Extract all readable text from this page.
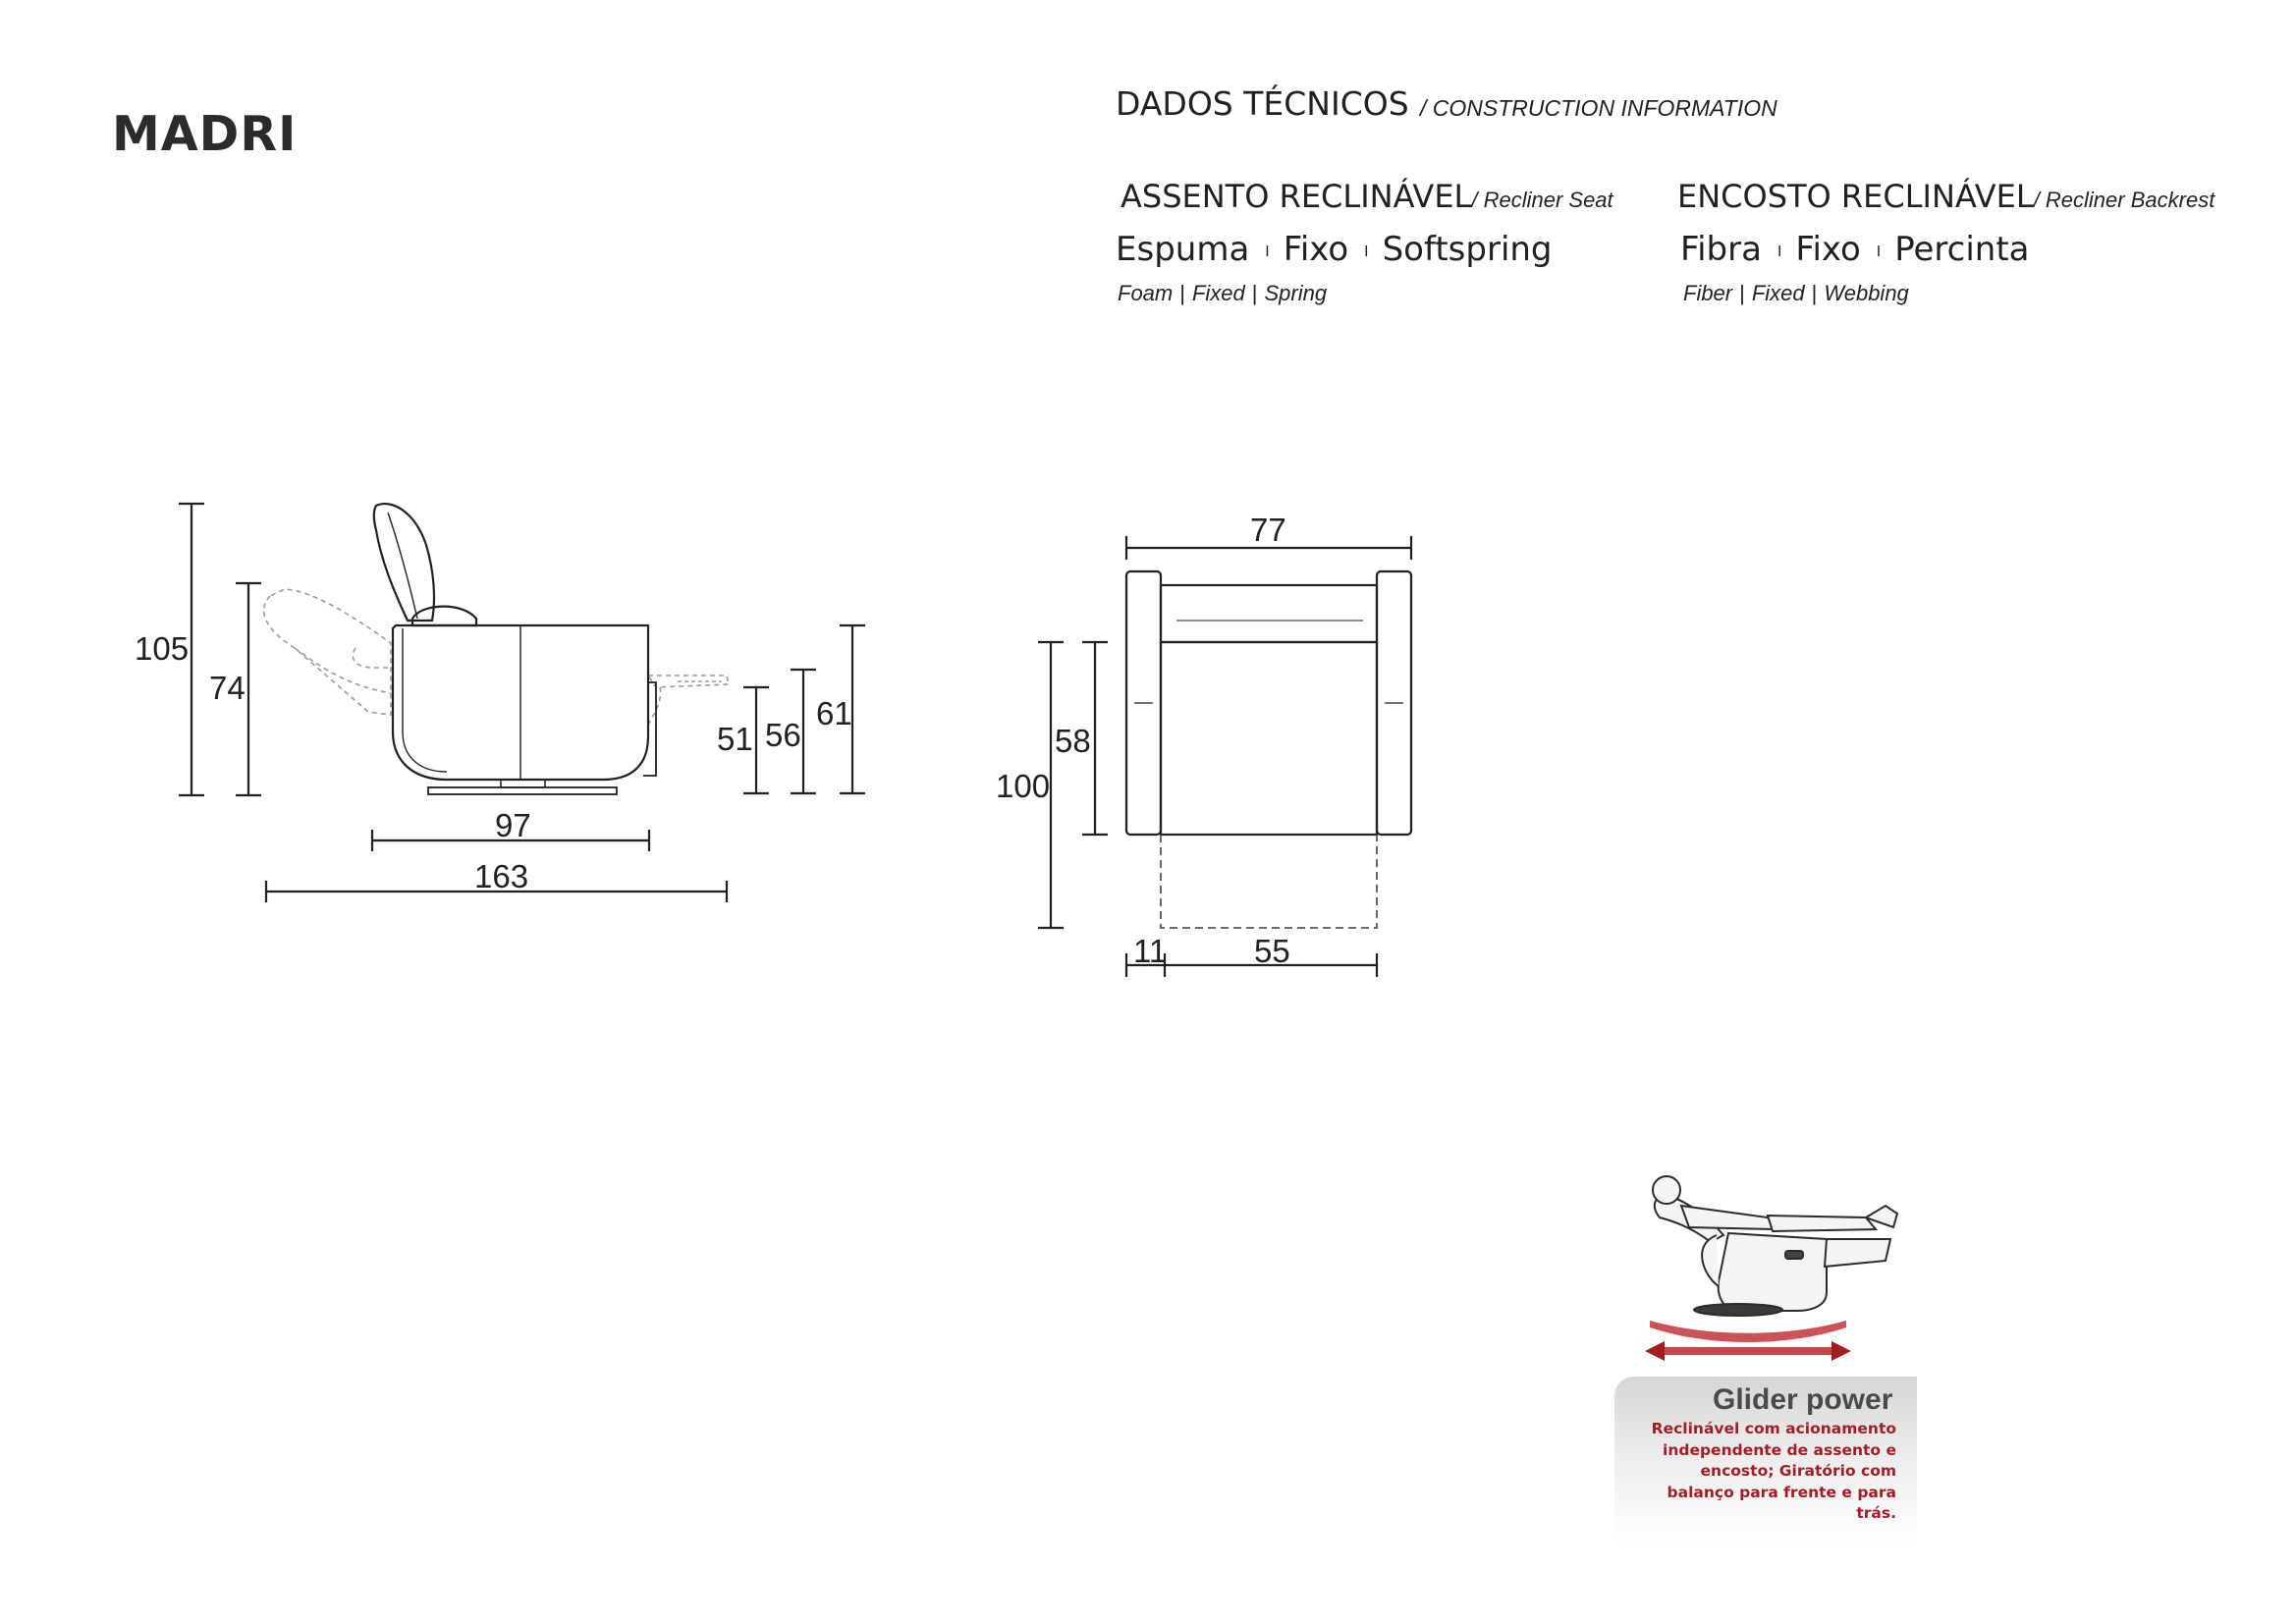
MADRI
DADOS TÉCNICOS / CONSTRUCTION INFORMATION
ASSENTO RECLINÁVEL/ Recliner Seat
Espuma I Fixo I Softspring
Foam | Fixed | Spring
ENCOSTO RECLINÁVEL/ Recliner Backrest
Fibra I Fixo I Percinta
Fiber | Fixed | Webbing
105
74
51 56
61
97
163
77
58
100
11	55
Glider power
Reclinável com acionamento independente de assento e encosto; Giratório com balanço para frente e para trás.
